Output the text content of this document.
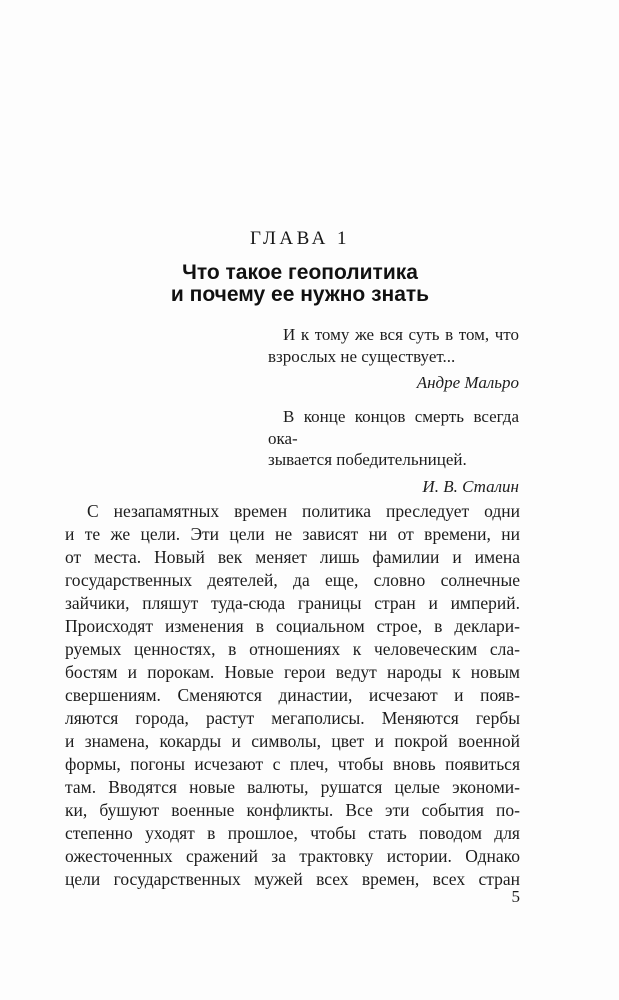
ГЛАВА 1
Что такое геополитика
и почему ее нужно знать
И к тому же вся суть в том, что
взрослых не существует...
Андре Мальро
В конце концов смерть всегда ока-
зывается победительницей.
И. В. Сталин
С незапамятных времен политика преследует одни
и те же цели. Эти цели не зависят ни от времени, ни
от места. Новый век меняет лишь фамилии и имена
государственных деятелей, да еще, словно солнечные
зайчики, пляшут туда-сюда границы стран и империй.
Происходят изменения в социальном строе, в деклари-
руемых ценностях, в отношениях к человеческим сла-
бостям и порокам. Новые герои ведут народы к новым
свершениям. Сменяются династии, исчезают и появ-
ляются города, растут мегаполисы. Меняются гербы
и знамена, кокарды и символы, цвет и покрой военной
формы, погоны исчезают с плеч, чтобы вновь появиться
там. Вводятся новые валюты, рушатся целые экономи-
ки, бушуют военные конфликты. Все эти события по-
степенно уходят в прошлое, чтобы стать поводом для
ожесточенных сражений за трактовку истории. Однако
цели государственных мужей всех времен, всех стран
5
